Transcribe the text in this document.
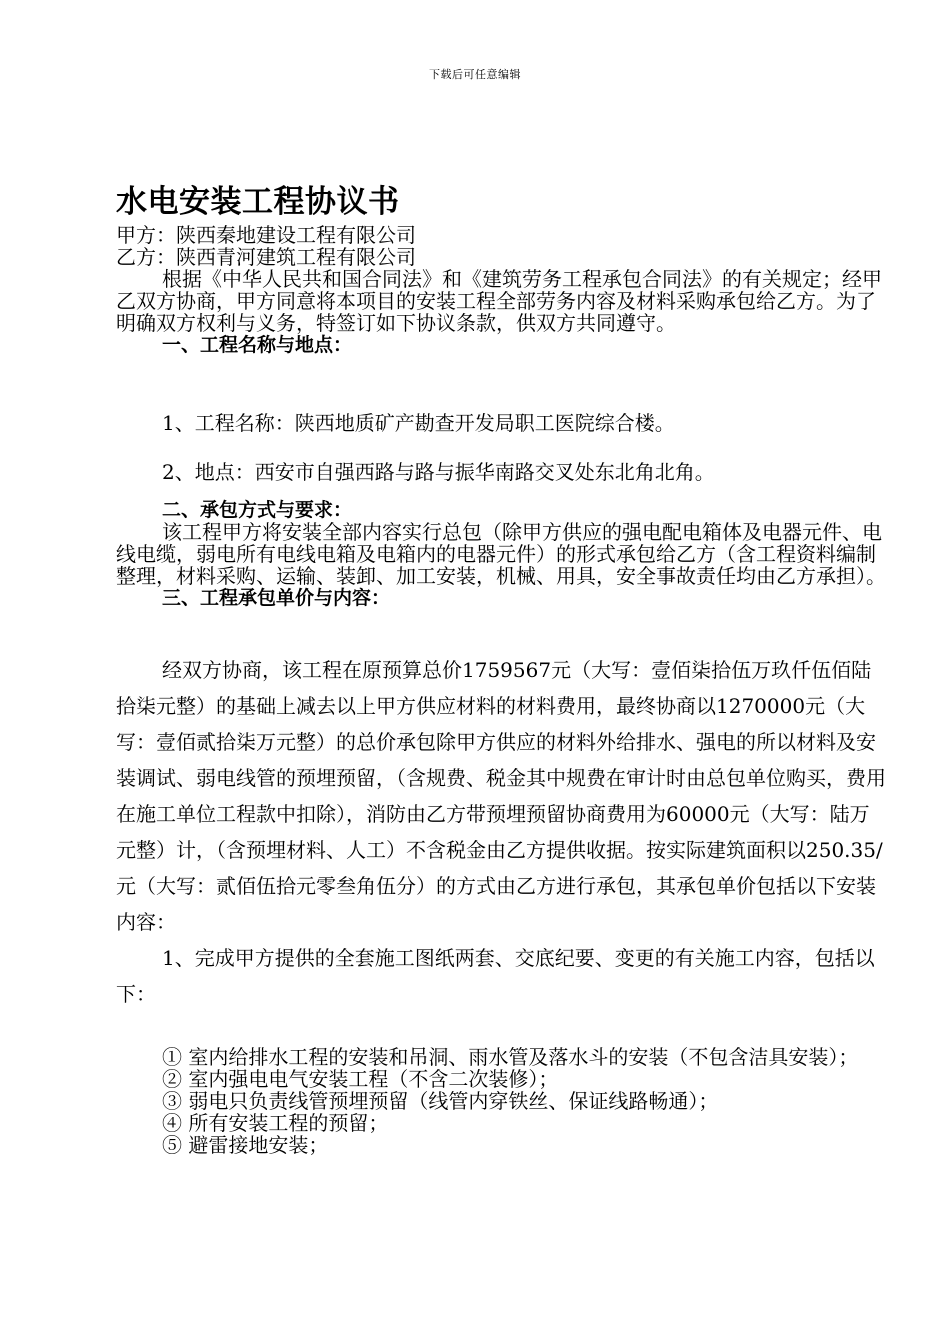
下载后可任意编辑
水电安装工程协议书

甲方：陕西秦地建设工程有限公司

乙方：陕西青河建筑工程有限公司

根据《中华人民共和国合同法》和《建筑劳务工程承包合同法》的有关规定；经甲乙双方协商，甲方同意将本项目的安装工程全部劳务内容及材料采购承包给乙方。为了明确双方权利与义务，特签订如下协议条款，供双方共同遵守。

一、工程名称与地点：

1、工程名称：陕西地质矿产勘查开发局职工医院综合楼。

2、地点：西安市自强西路与路与振华南路交叉处东北角北角。

二、承包方式与要求：

该工程甲方将安装全部内容实行总包（除甲方供应的强电配电箱体及电器元件、电线电缆，弱电所有电线电箱及电箱内的电器元件）的形式承包给乙方（含工程资料编制整理，材料采购、运输、装卸、加工安装，机械、用具，安全事故责任均由乙方承担）。

三、工程承包单价与内容：

经双方协商，该工程在原预算总价1759567元（大写：壹佰柒拾伍万玖仟伍佰陆拾柒元整）的基础上减去以上甲方供应材料的材料费用，最终协商以1270000元（大写：壹佰贰拾柒万元整）的总价承包除甲方供应的材料外给排水、强电的所以材料及安装调试、弱电线管的预埋预留，（含规费、税金其中规费在审计时由总包单位购买，费用在施工单位工程款中扣除），消防由乙方带预埋预留协商费用为60000元（大写：陆万元整）计，（含预埋材料、人工）不含税金由乙方提供收据。按实际建筑面积以250.35/元（大写：贰佰伍拾元零叁角伍分）的方式由乙方进行承包，其承包单价包括以下安装内容：

1、完成甲方提供的全套施工图纸两套、交底纪要、变更的有关施工内容，包括以下：

① 室内给排水工程的安装和吊洞、雨水管及落水斗的安装（不包含洁具安装）；

② 室内强电电气安装工程（不含二次装修）；

③ 弱电只负责线管预埋预留（线管内穿铁丝、保证线路畅通）；

④ 所有安装工程的预留；

⑤ 避雷接地安装；
